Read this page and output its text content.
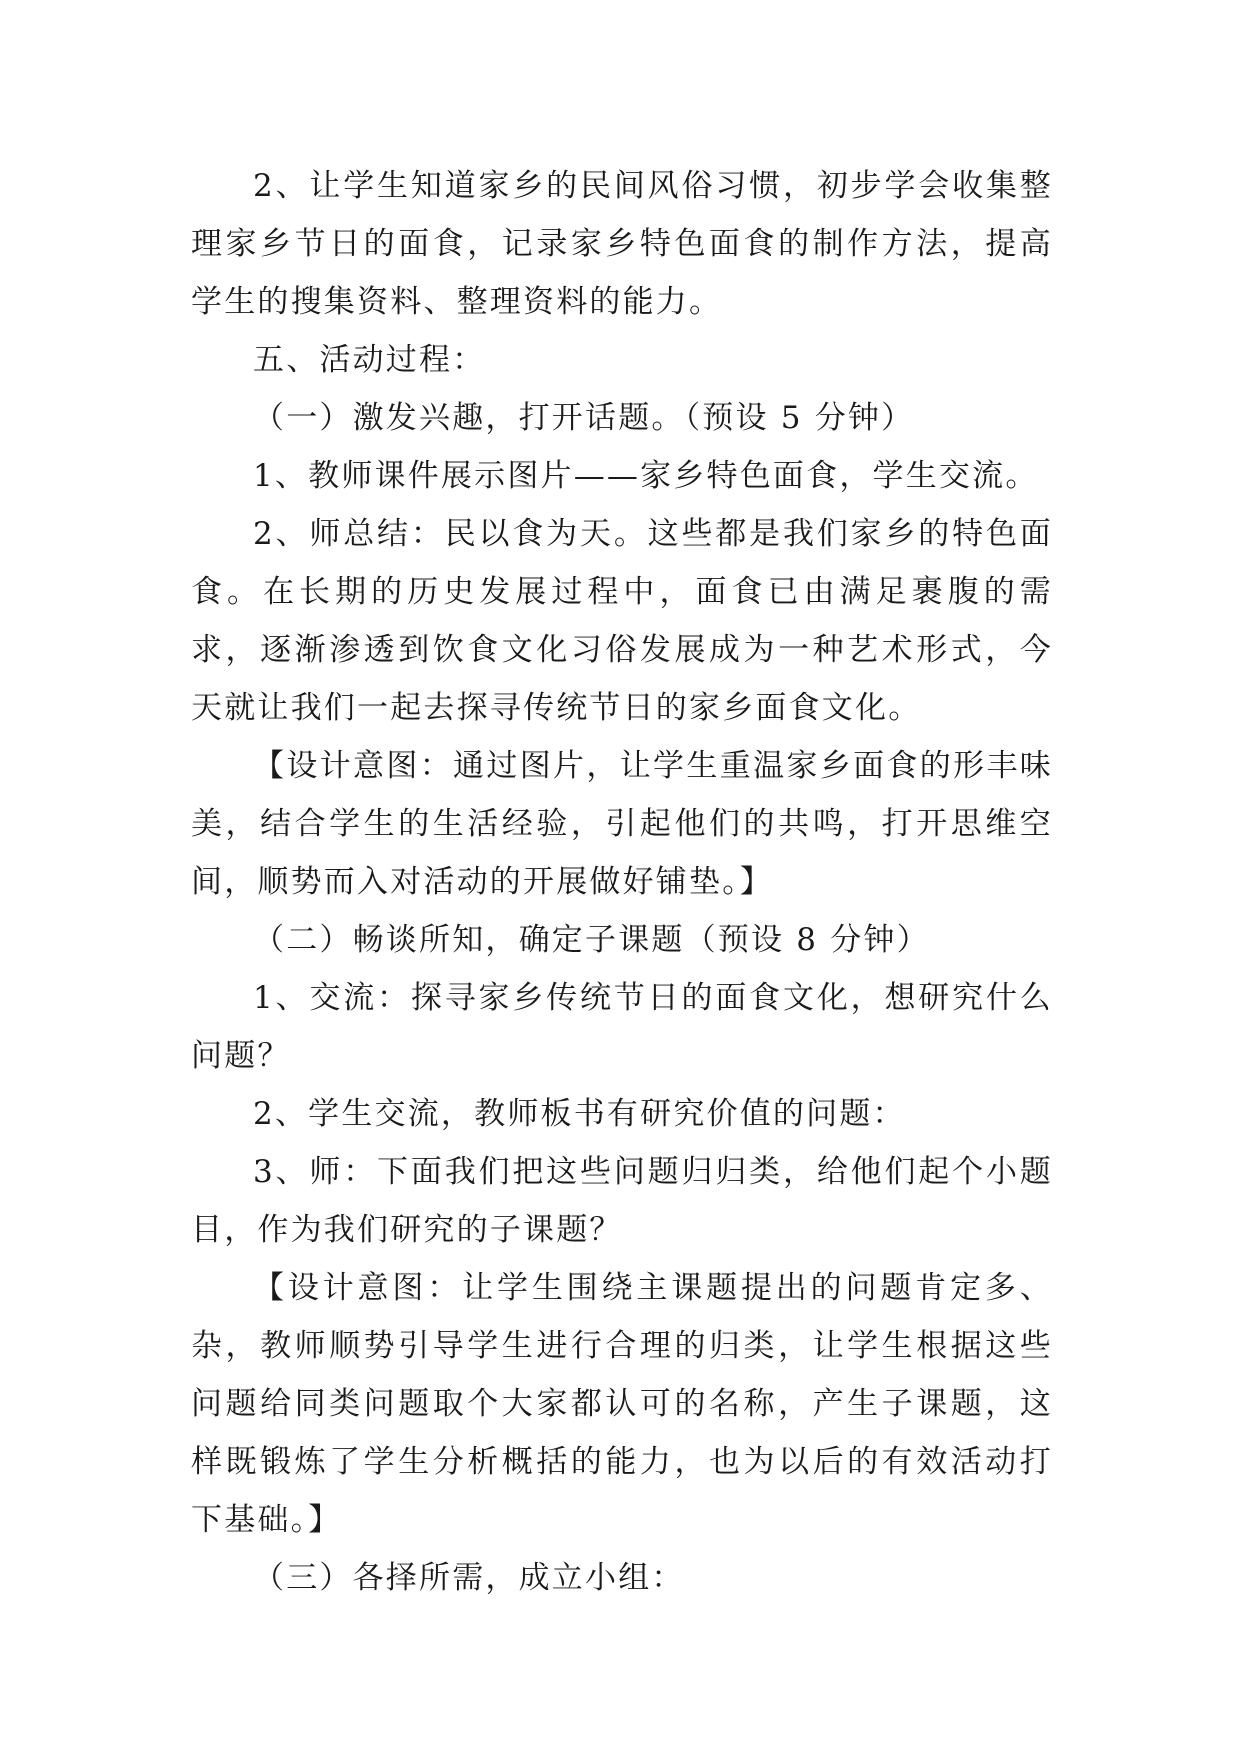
2、让学生知道家乡的民间风俗习惯，初步学会收集整理家乡节日的面食，记录家乡特色面食的制作方法，提高学生的搜集资料、整理资料的能力。

五、活动过程：

（一）激发兴趣，打开话题。（预设 5 分钟）

1、教师课件展示图片——家乡特色面食，学生交流。

2、师总结：民以食为天。这些都是我们家乡的特色面食。在长期的历史发展过程中，面食已由满足裹腹的需求，逐渐渗透到饮食文化习俗发展成为一种艺术形式，今天就让我们一起去探寻传统节日的家乡面食文化。

【设计意图：通过图片，让学生重温家乡面食的形丰味美，结合学生的生活经验，引起他们的共鸣，打开思维空间，顺势而入对活动的开展做好铺垫。】

（二）畅谈所知，确定子课题（预设 8 分钟）

1、交流：探寻家乡传统节日的面食文化，想研究什么问题？

2、学生交流，教师板书有研究价值的问题：

3、师：下面我们把这些问题归归类，给他们起个小题目，作为我们研究的子课题？

【设计意图：让学生围绕主课题提出的问题肯定多、杂，教师顺势引导学生进行合理的归类，让学生根据这些问题给同类问题取个大家都认可的名称，产生子课题，这样既锻炼了学生分析概括的能力，也为以后的有效活动打下基础。】

（三）各择所需，成立小组：
